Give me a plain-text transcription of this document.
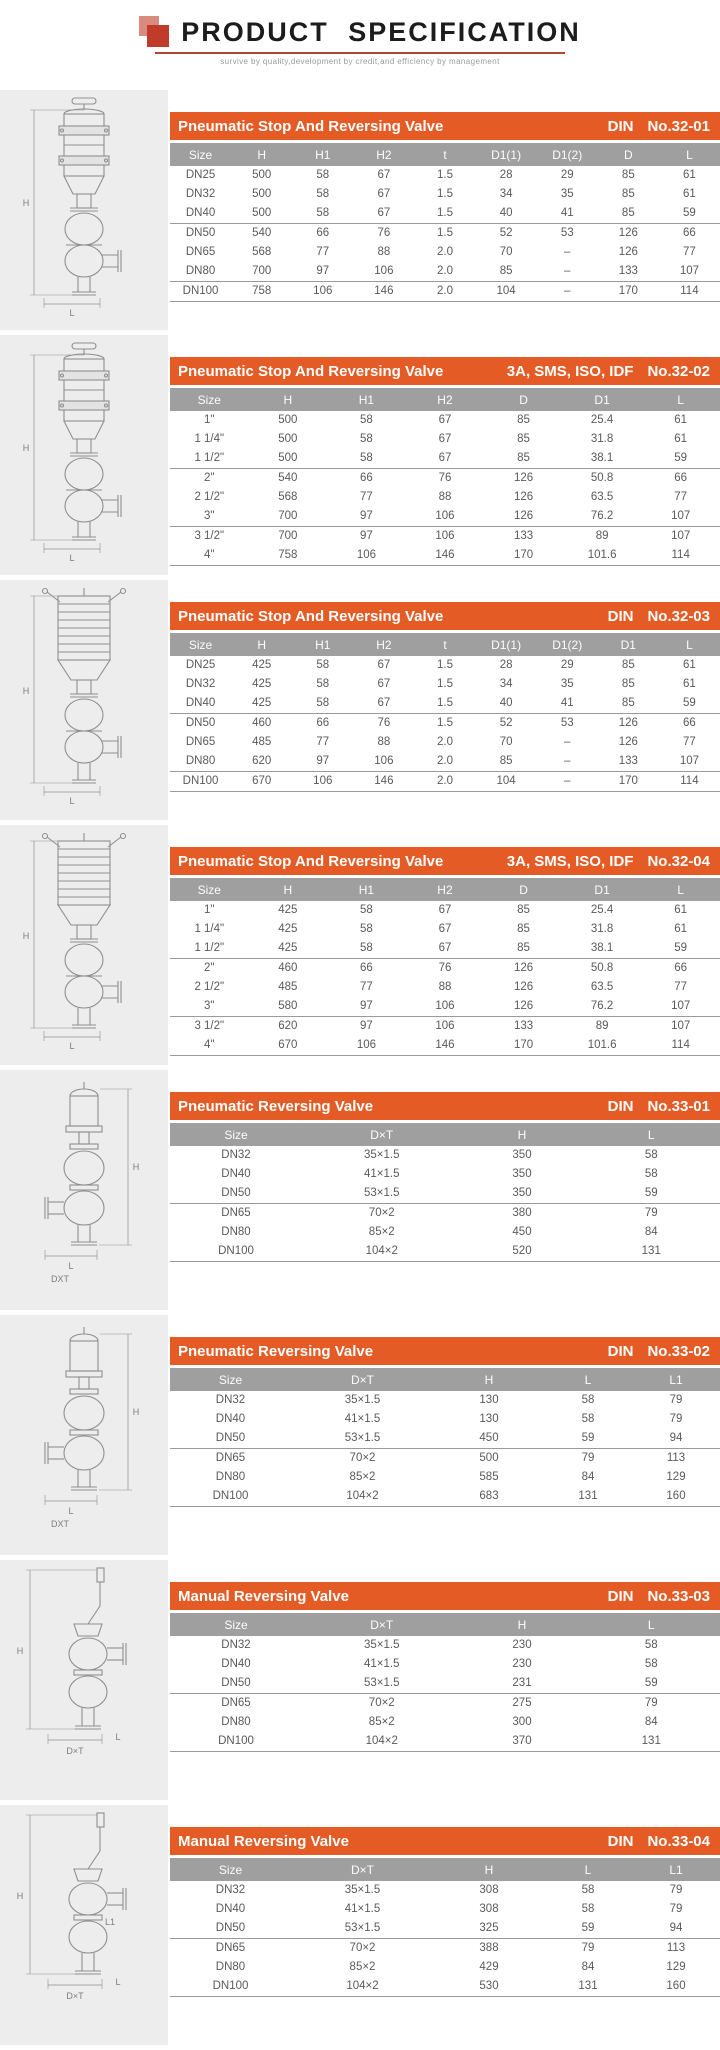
PRODUCT SPECIFICATION

survive by quality,development by credit,and efficiency by management

H
L
Pneumatic Stop And Reversing Valve	DIN No.32-01
Size	H	H1	H2	t	D1(1)	D1(2)	D	L
DN25	500	58	67	1.5	28	29	85	61
DN32	500	58	67	1.5	34	35	85	61
DN40	500	58	67	1.5	40	41	85	59
DN50	540	66	76	1.5	52	53	126	66
DN65	568	77	88	2.0	70	–	126	77
DN80	700	97	106	2.0	85	–	133	107
DN100	758	106	146	2.0	104	–	170	114
H
L
Pneumatic Stop And Reversing Valve	3A, SMS, ISO, IDF No.32-02
Size	H	H1	H2	D	D1	L
1"	500	58	67	85	25.4	61
1 1/4"	500	58	67	85	31.8	61
1 1/2"	500	58	67	85	38.1	59
2"	540	66	76	126	50.8	66
2 1/2"	568	77	88	126	63.5	77
3"	700	97	106	126	76.2	107
3 1/2"	700	97	106	133	89	107
4"	758	106	146	170	101.6	114
H
L
Pneumatic Stop And Reversing Valve	DIN No.32-03
Size	H	H1	H2	t	D1(1)	D1(2)	D1	L
DN25	425	58	67	1.5	28	29	85	61
DN32	425	58	67	1.5	34	35	85	61
DN40	425	58	67	1.5	40	41	85	59
DN50	460	66	76	1.5	52	53	126	66
DN65	485	77	88	2.0	70	–	126	77
DN80	620	97	106	2.0	85	–	133	107
DN100	670	106	146	2.0	104	–	170	114
H
L
Pneumatic Stop And Reversing Valve	3A, SMS, ISO, IDF No.32-04
Size	H	H1	H2	D	D1	L
1"	425	58	67	85	25.4	61
1 1/4"	425	58	67	85	31.8	61
1 1/2"	425	58	67	85	38.1	59
2"	460	66	76	126	50.8	66
2 1/2"	485	77	88	126	63.5	77
3"	580	97	106	126	76.2	107
3 1/2"	620	97	106	133	89	107
4"	670	106	146	170	101.6	114
H
L
DXT
Pneumatic Reversing Valve	DIN No.33-01
Size	D×T	H	L
DN32	35×1.5	350	58
DN40	41×1.5	350	58
DN50	53×1.5	350	59
DN65	70×2	380	79
DN80	85×2	450	84
DN100	104×2	520	131
H
L
DXT
Pneumatic Reversing Valve	DIN No.33-02
Size	D×T	H	L	L1
DN32	35×1.5	130	58	79
DN40	41×1.5	130	58	79
DN50	53×1.5	450	59	94
DN65	70×2	500	79	113
DN80	85×2	585	84	129
DN100	104×2	683	131	160
H
L
D×T
Manual Reversing Valve	DIN No.33-03
Size	D×T	H	L
DN32	35×1.5	230	58
DN40	41×1.5	230	58
DN50	53×1.5	231	59
DN65	70×2	275	79
DN80	85×2	300	84
DN100	104×2	370	131
H
L
D×T
L1
Manual Reversing Valve	DIN No.33-04
Size	D×T	H	L	L1
DN32	35×1.5	308	58	79
DN40	41×1.5	308	58	79
DN50	53×1.5	325	59	94
DN65	70×2	388	79	113
DN80	85×2	429	84	129
DN100	104×2	530	131	160
